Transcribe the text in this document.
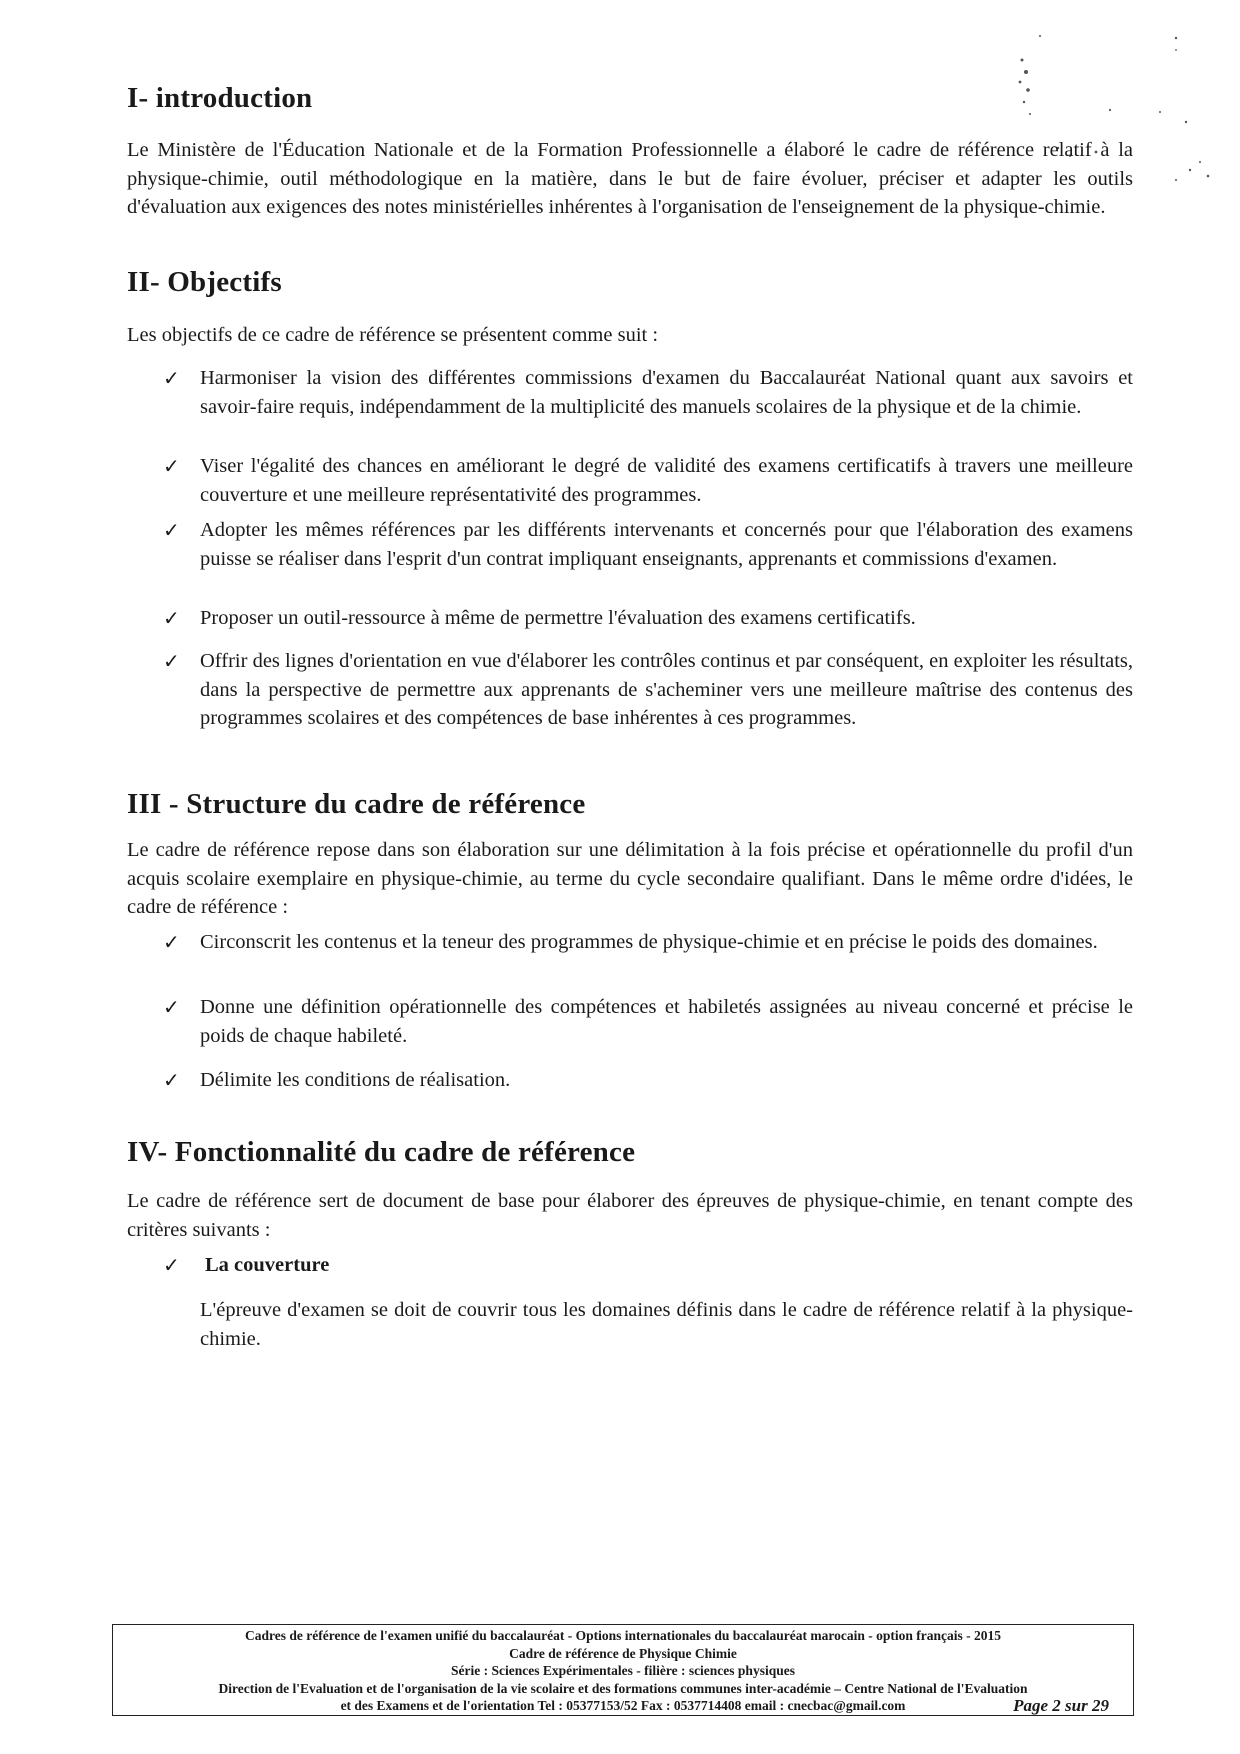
I- introduction

Le Ministère de l'Éducation Nationale et de la Formation Professionnelle a élaboré le cadre de référence relatif à la physique-chimie, outil méthodologique en la matière, dans le but de faire évoluer, préciser et adapter les outils d'évaluation aux exigences des notes ministérielles inhérentes à l'organisation de l'enseignement de la physique-chimie.

II- Objectifs

Les objectifs de ce cadre de référence se présentent comme suit :

✓ Harmoniser la vision des différentes commissions d'examen du Baccalauréat National quant aux savoirs et savoir-faire requis, indépendamment de la multiplicité des manuels scolaires de la physique et de la chimie.

✓ Viser l'égalité des chances en améliorant le degré de validité des examens certificatifs à travers une meilleure couverture et une meilleure représentativité des programmes.

✓ Adopter les mêmes références par les différents intervenants et concernés pour que l'élaboration des examens puisse se réaliser dans l'esprit d'un contrat impliquant enseignants, apprenants et commissions d'examen.

✓ Proposer un outil-ressource à même de permettre l'évaluation des examens certificatifs.

✓ Offrir des lignes d'orientation en vue d'élaborer les contrôles continus et par conséquent, en exploiter les résultats, dans la perspective de permettre aux apprenants de s'acheminer vers une meilleure maîtrise des contenus des programmes scolaires et des compétences de base inhérentes à ces programmes.

III - Structure du cadre de référence

Le cadre de référence repose dans son élaboration sur une délimitation à la fois précise et opérationnelle du profil d'un acquis scolaire exemplaire en physique-chimie, au terme du cycle secondaire qualifiant. Dans le même ordre d'idées, le cadre de référence :

✓ Circonscrit les contenus et la teneur des programmes de physique-chimie et en précise le poids des domaines.

✓ Donne une définition opérationnelle des compétences et habiletés assignées au niveau concerné et précise le poids de chaque habileté.

✓ Délimite les conditions de réalisation.

IV- Fonctionnalité du cadre de référence

Le cadre de référence sert de document de base pour élaborer des épreuves de physique-chimie, en tenant compte des critères suivants :

✓ La couverture

L'épreuve d'examen se doit de couvrir tous les domaines définis dans le cadre de référence relatif à la physique-chimie.

Cadres de référence de l'examen unifié du baccalauréat - Options internationales du baccalauréat marocain - option français - 2015
Cadre de référence de Physique Chimie
Série : Sciences Expérimentales - filière : sciences physiques
Direction de l'Evaluation et de l'organisation de la vie scolaire et des formations communes inter-académie – Centre National de l'Evaluation
et des Examens et de l'orientation Tel : 05377153/52 Fax : 0537714408 email : cnecbac@gmail.com	Page 2 sur 29
